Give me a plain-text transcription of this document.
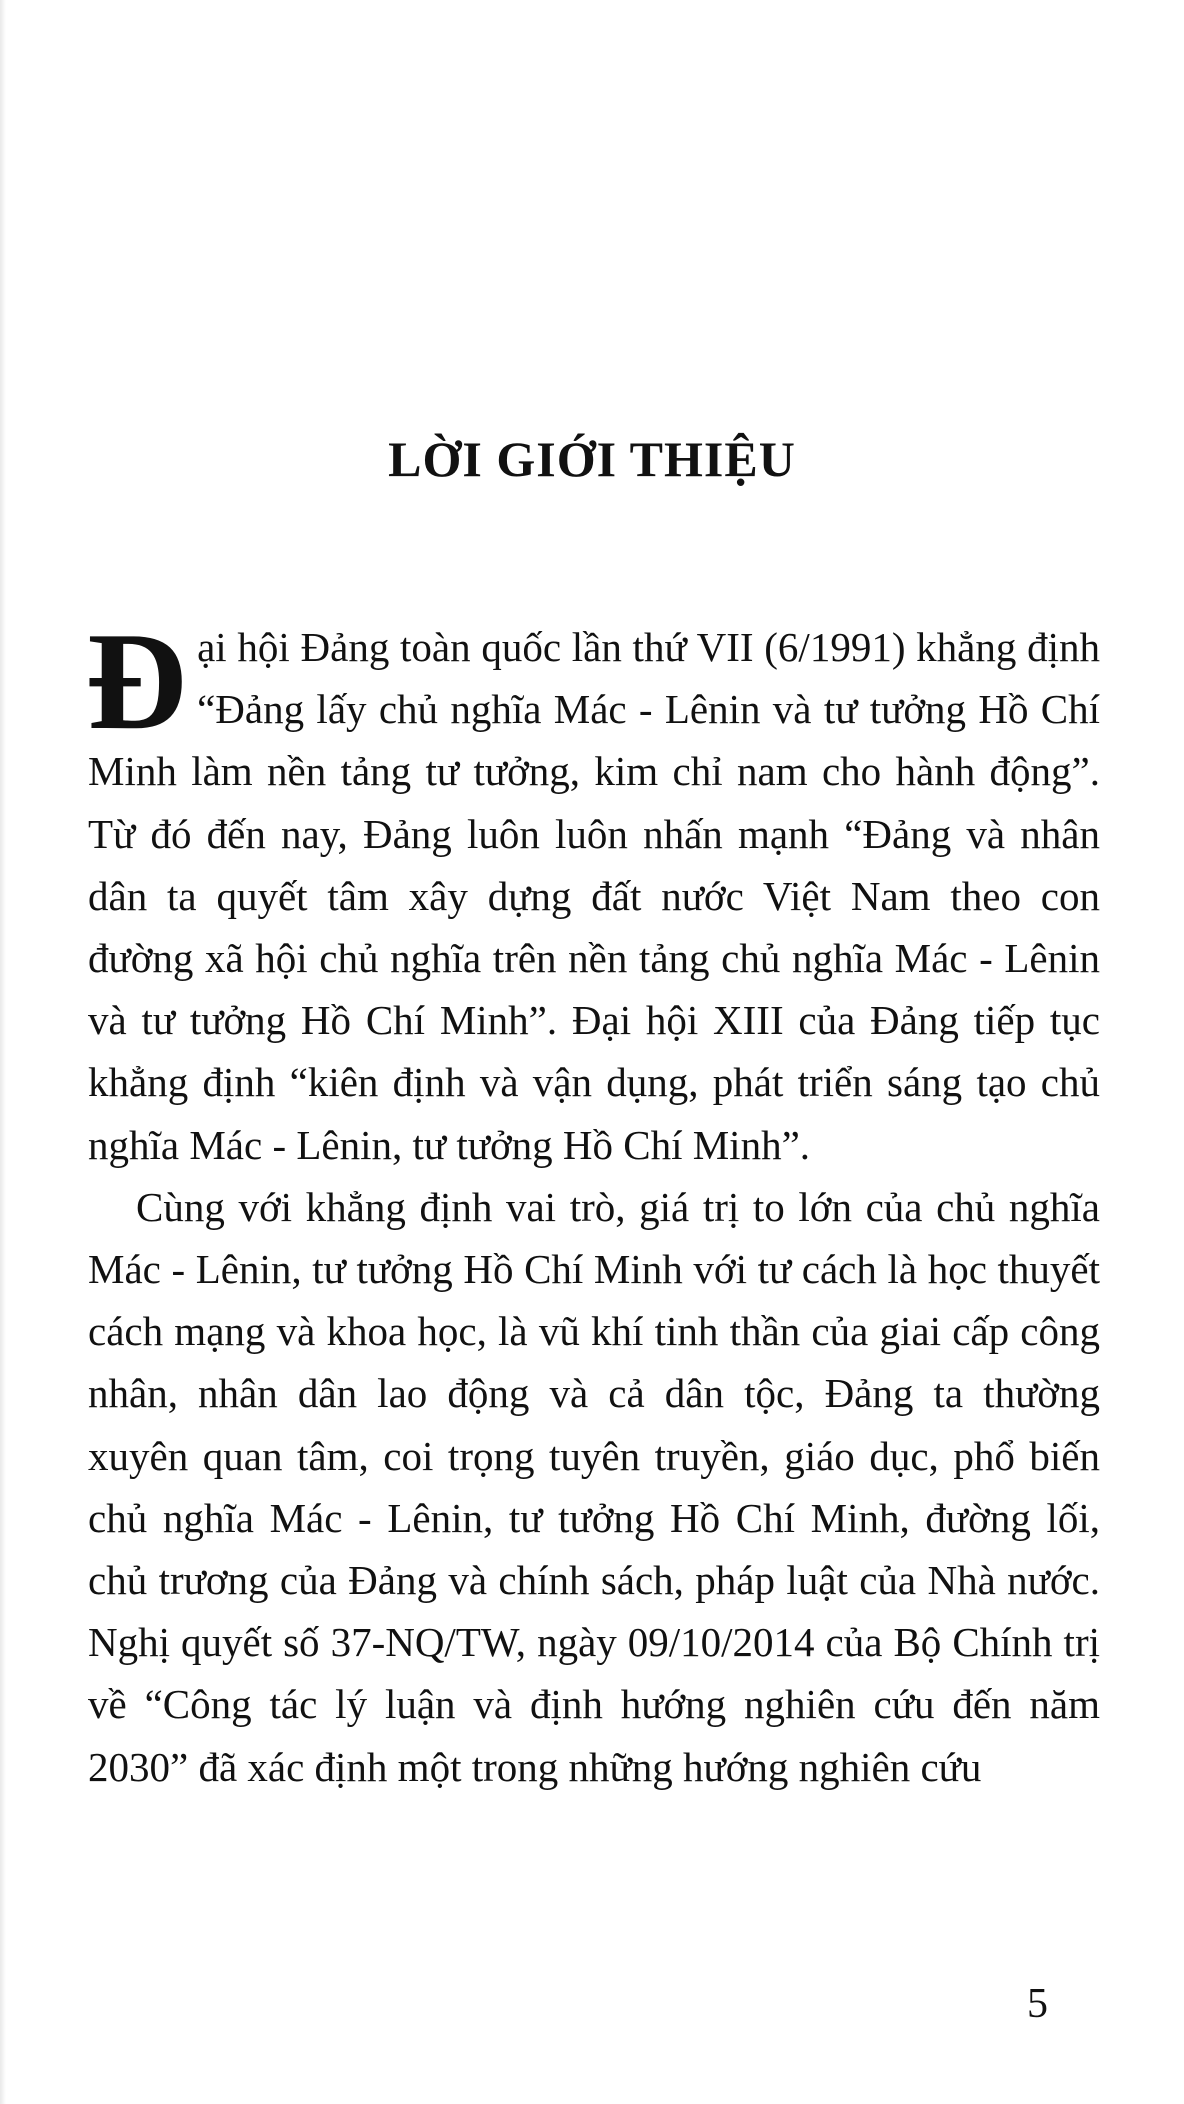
LỜI GIỚI THIỆU

Đại hội Đảng toàn quốc lần thứ VII (6/1991) khẳng định “Đảng lấy chủ nghĩa Mác - Lênin và tư tưởng Hồ Chí Minh làm nền tảng tư tưởng, kim chỉ nam cho hành động”. Từ đó đến nay, Đảng luôn luôn nhấn mạnh “Đảng và nhân dân ta quyết tâm xây dựng đất nước Việt Nam theo con đường xã hội chủ nghĩa trên nền tảng chủ nghĩa Mác - Lênin và tư tưởng Hồ Chí Minh”. Đại hội XIII của Đảng tiếp tục khẳng định “kiên định và vận dụng, phát triển sáng tạo chủ nghĩa Mác - Lênin, tư tưởng Hồ Chí Minh”.

Cùng với khẳng định vai trò, giá trị to lớn của chủ nghĩa Mác - Lênin, tư tưởng Hồ Chí Minh với tư cách là học thuyết cách mạng và khoa học, là vũ khí tinh thần của giai cấp công nhân, nhân dân lao động và cả dân tộc, Đảng ta thường xuyên quan tâm, coi trọng tuyên truyền, giáo dục, phổ biến chủ nghĩa Mác - Lênin, tư tưởng Hồ Chí Minh, đường lối, chủ trương của Đảng và chính sách, pháp luật của Nhà nước. Nghị quyết số 37-NQ/TW, ngày 09/10/2014 của Bộ Chính trị về “Công tác lý luận và định hướng nghiên cứu đến năm 2030” đã xác định một trong những hướng nghiên cứu

5
